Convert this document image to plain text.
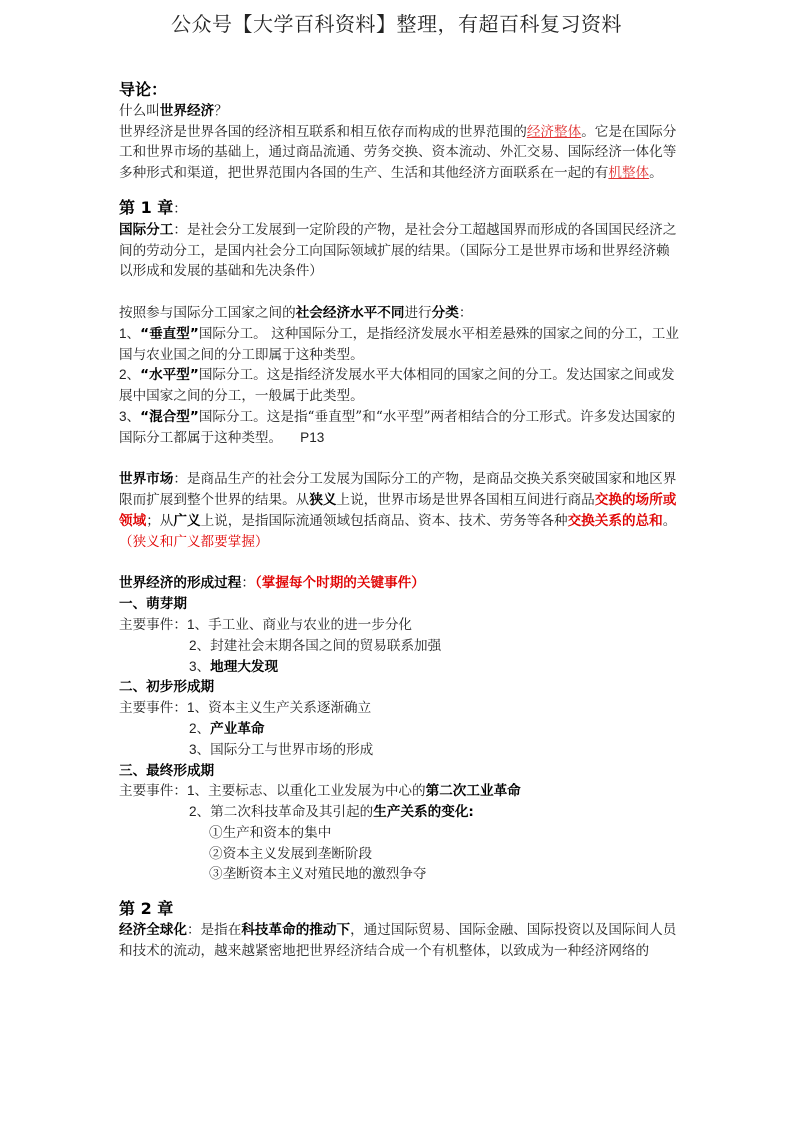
公众号【大学百科资料】整理，有超百科复习资料
导论：
什么叫世界经济？
世界经济是世界各国的经济相互联系和相互依存而构成的世界范围的经济整体。它是在国际分工和世界市场的基础上，通过商品流通、劳务交换、资本流动、外汇交易、国际经济一体化等多种形式和渠道，把世界范围内各国的生产、生活和其他经济方面联系在一起的有机整体。
第 1 章：
国际分工：是社会分工发展到一定阶段的产物，是社会分工超越国界而形成的各国国民经济之间的劳动分工，是国内社会分工向国际领域扩展的结果。（国际分工是世界市场和世界经济赖以形成和发展的基础和先决条件）
按照参与国际分工国家之间的社会经济水平不同进行分类：
1、“垂直型”国际分工。 这种国际分工，是指经济发展水平相差悬殊的国家之间的分工，工业国与农业国之间的分工即属于这种类型。
2、“水平型”国际分工。这是指经济发展水平大体相同的国家之间的分工。发达国家之间或发展中国家之间的分工，一般属于此类型。
3、“混合型”国际分工。这是指“垂直型”和“水平型”两者相结合的分工形式。许多发达国家的国际分工都属于这种类型。 P13
世界市场：是商品生产的社会分工发展为国际分工的产物，是商品交换关系突破国家和地区界限而扩展到整个世界的结果。从狭义上说，世界市场是世界各国相互间进行商品交换的场所或领域；从广义上说，是指国际流通领域包括商品、资本、技术、劳务等各种交换关系的总和。（狭义和广义都要掌握）
世界经济的形成过程：（掌握每个时期的关键事件）
一、萌芽期
主要事件：1、手工业、商业与农业的进一步分化
2、封建社会末期各国之间的贸易联系加强
3、地理大发现
二、初步形成期
主要事件：1、资本主义生产关系逐渐确立
2、产业革命
3、国际分工与世界市场的形成
三、最终形成期
主要事件：1、主要标志、以重化工业发展为中心的第二次工业革命
2、第二次科技革命及其引起的生产关系的变化:
①生产和资本的集中
②资本主义发展到垄断阶段
③垄断资本主义对殖民地的激烈争夺
第 2 章
经济全球化：是指在科技革命的推动下，通过国际贸易、国际金融、国际投资以及国际间人员和技术的流动，越来越紧密地把世界经济结合成一个有机整体，以致成为一种经济网络的
